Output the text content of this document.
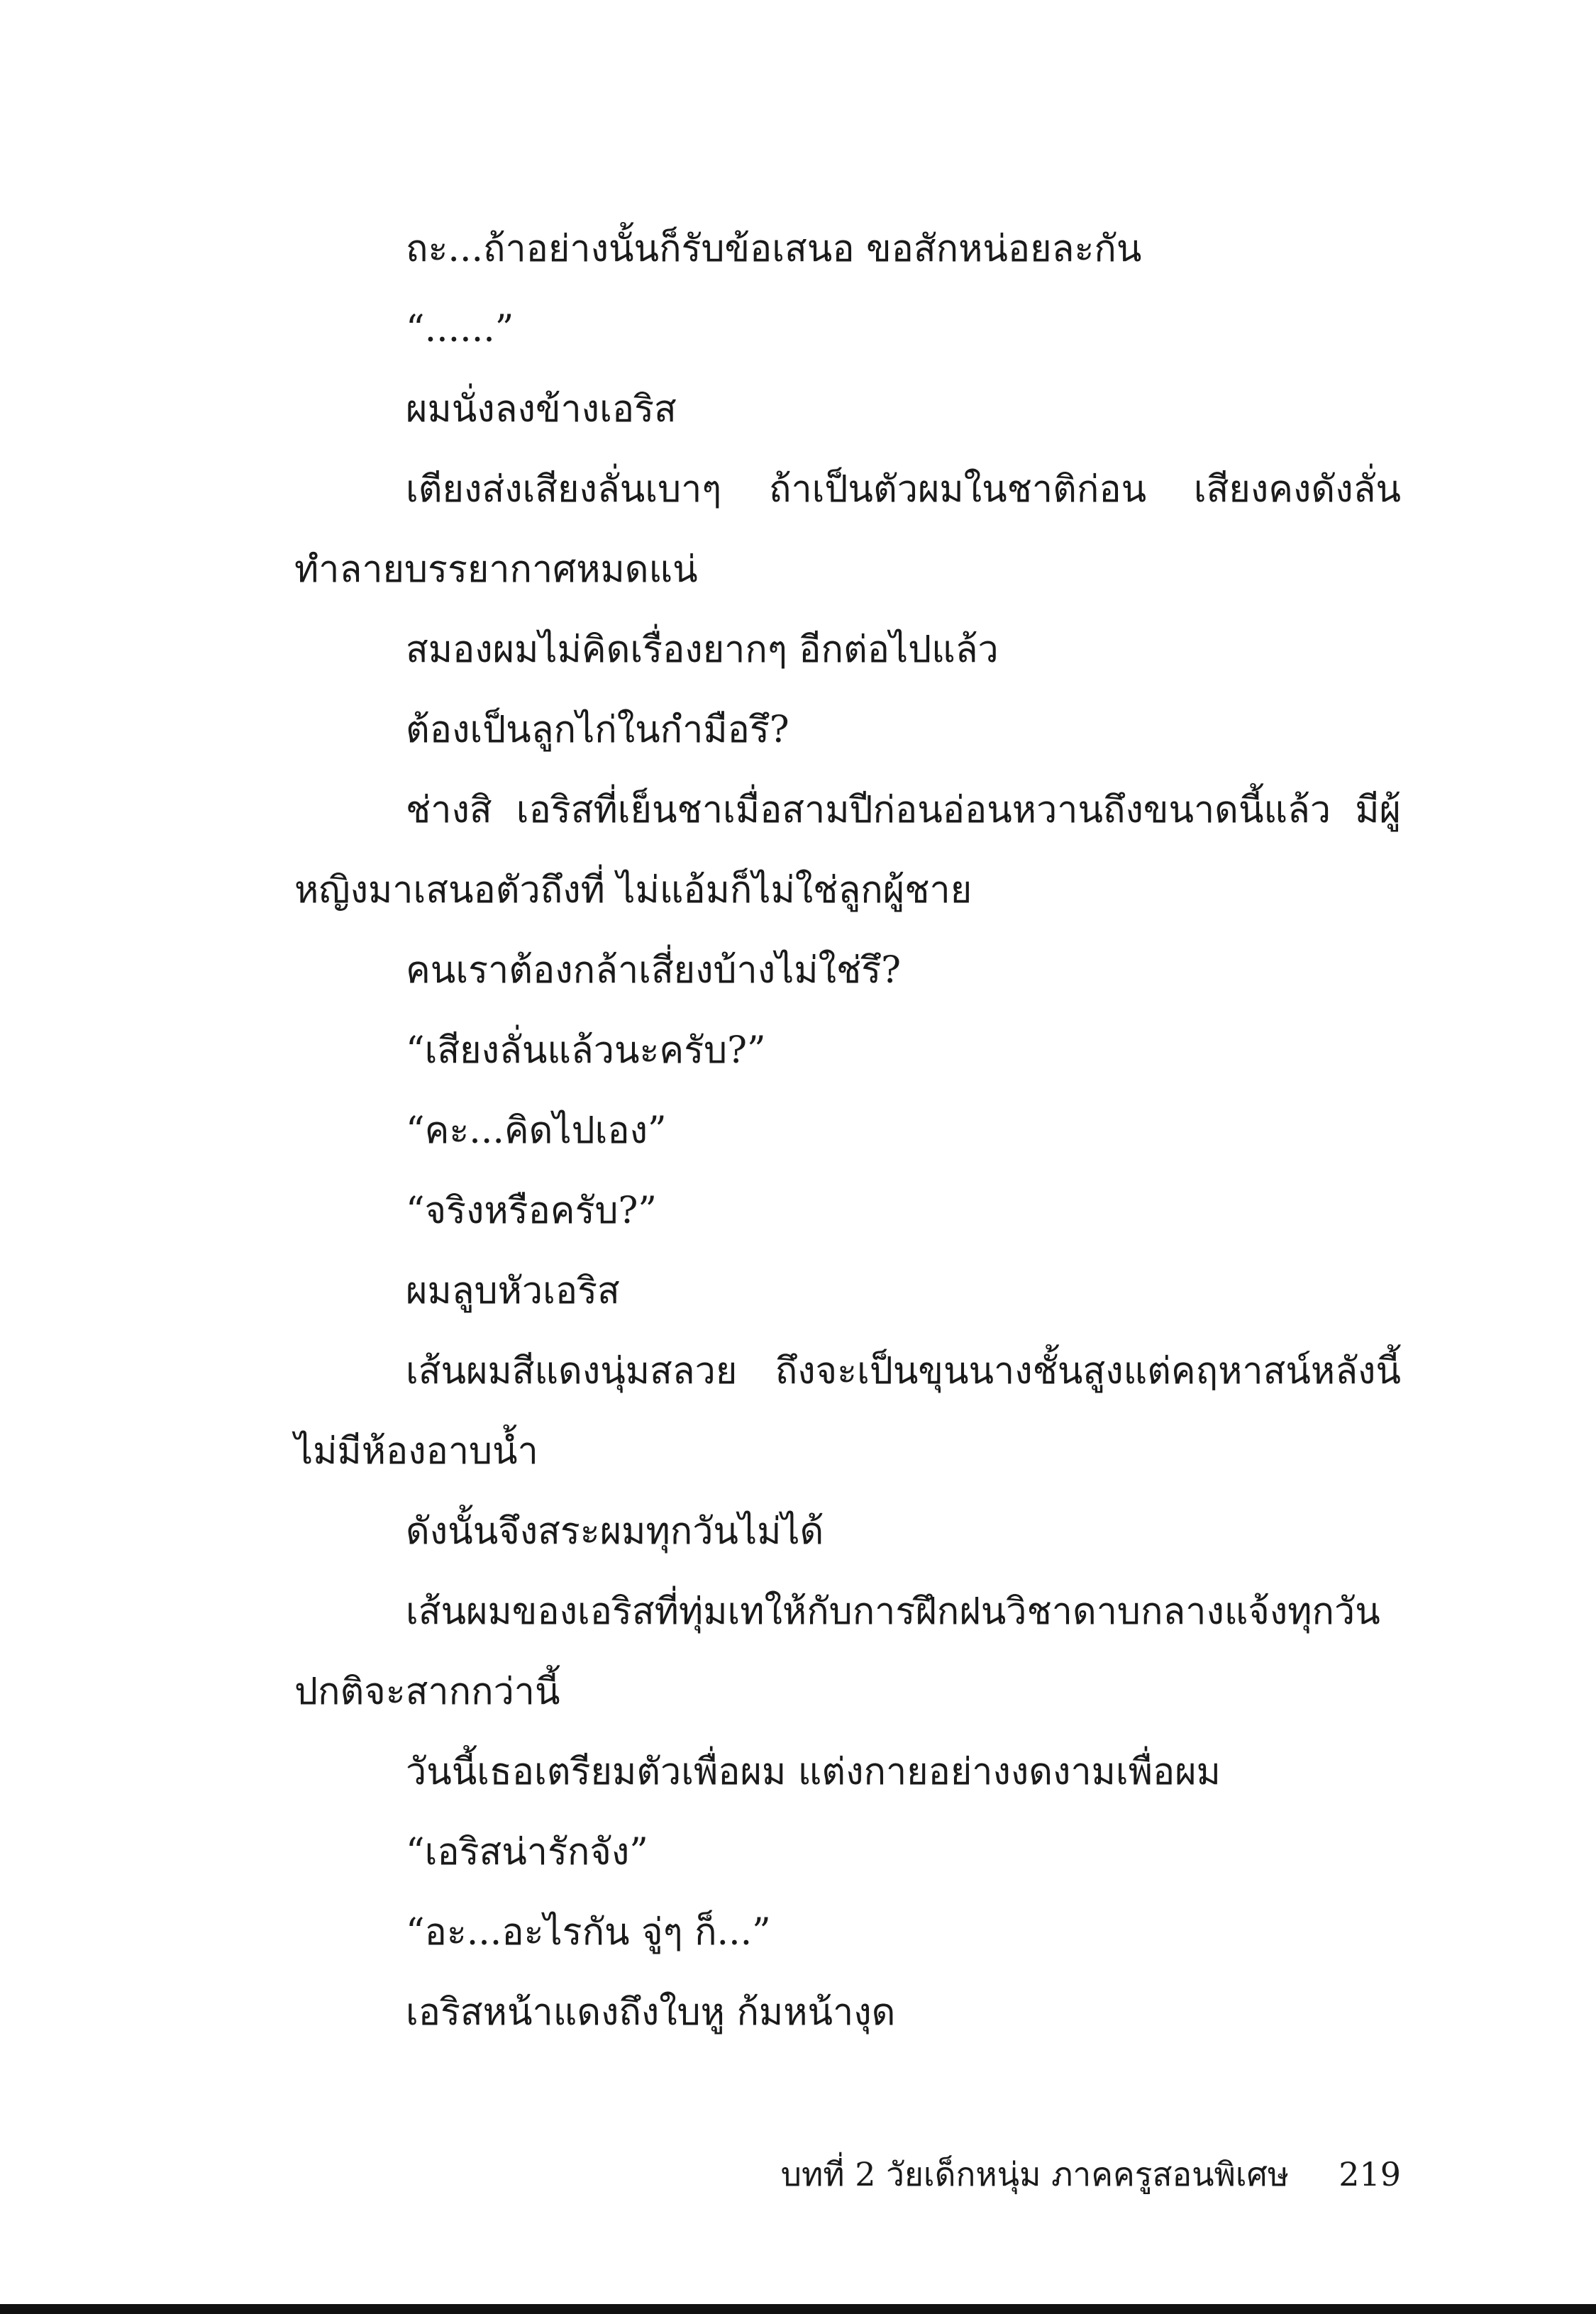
ถะ...ถ้าอย่างนั้นก็รับข้อเสนอ ขอสักหน่อยละกัน

“......”

ผมนั่งลงข้างเอริส

เตียงส่งเสียงลั่นเบาๆ ถ้าเป็นตัวผมในชาติก่อน เสียงคงดังลั่นทำลายบรรยากาศหมดแน่

สมองผมไม่คิดเรื่องยากๆ อีกต่อไปแล้ว

ต้องเป็นลูกไก่ในกำมือรึ?

ช่างสิ เอริสที่เย็นชาเมื่อสามปีก่อนอ่อนหวานถึงขนาดนี้แล้ว มีผู้หญิงมาเสนอตัวถึงที่ ไม่แอ้มก็ไม่ใช่ลูกผู้ชาย

คนเราต้องกล้าเสี่ยงบ้างไม่ใช่รึ?

“เสียงลั่นแล้วนะครับ?”

“คะ...คิดไปเอง”

“จริงหรือครับ?”

ผมลูบหัวเอริส

เส้นผมสีแดงนุ่มสลวย ถึงจะเป็นขุนนางชั้นสูงแต่คฤหาสน์หลังนี้ไม่มีห้องอาบน้ำ

ดังนั้นจึงสระผมทุกวันไม่ได้

เส้นผมของเอริสที่ทุ่มเทให้กับการฝึกฝนวิชาดาบกลางแจ้งทุกวันปกติจะสากกว่านี้

วันนี้เธอเตรียมตัวเพื่อผม แต่งกายอย่างงดงามเพื่อผม

“เอริสน่ารักจัง”

“อะ...อะไรกัน จู่ๆ ก็...”

เอริสหน้าแดงถึงใบหู ก้มหน้างุด

บทที่ 2 วัยเด็กหนุ่ม ภาคครูสอนพิเศษ 219
